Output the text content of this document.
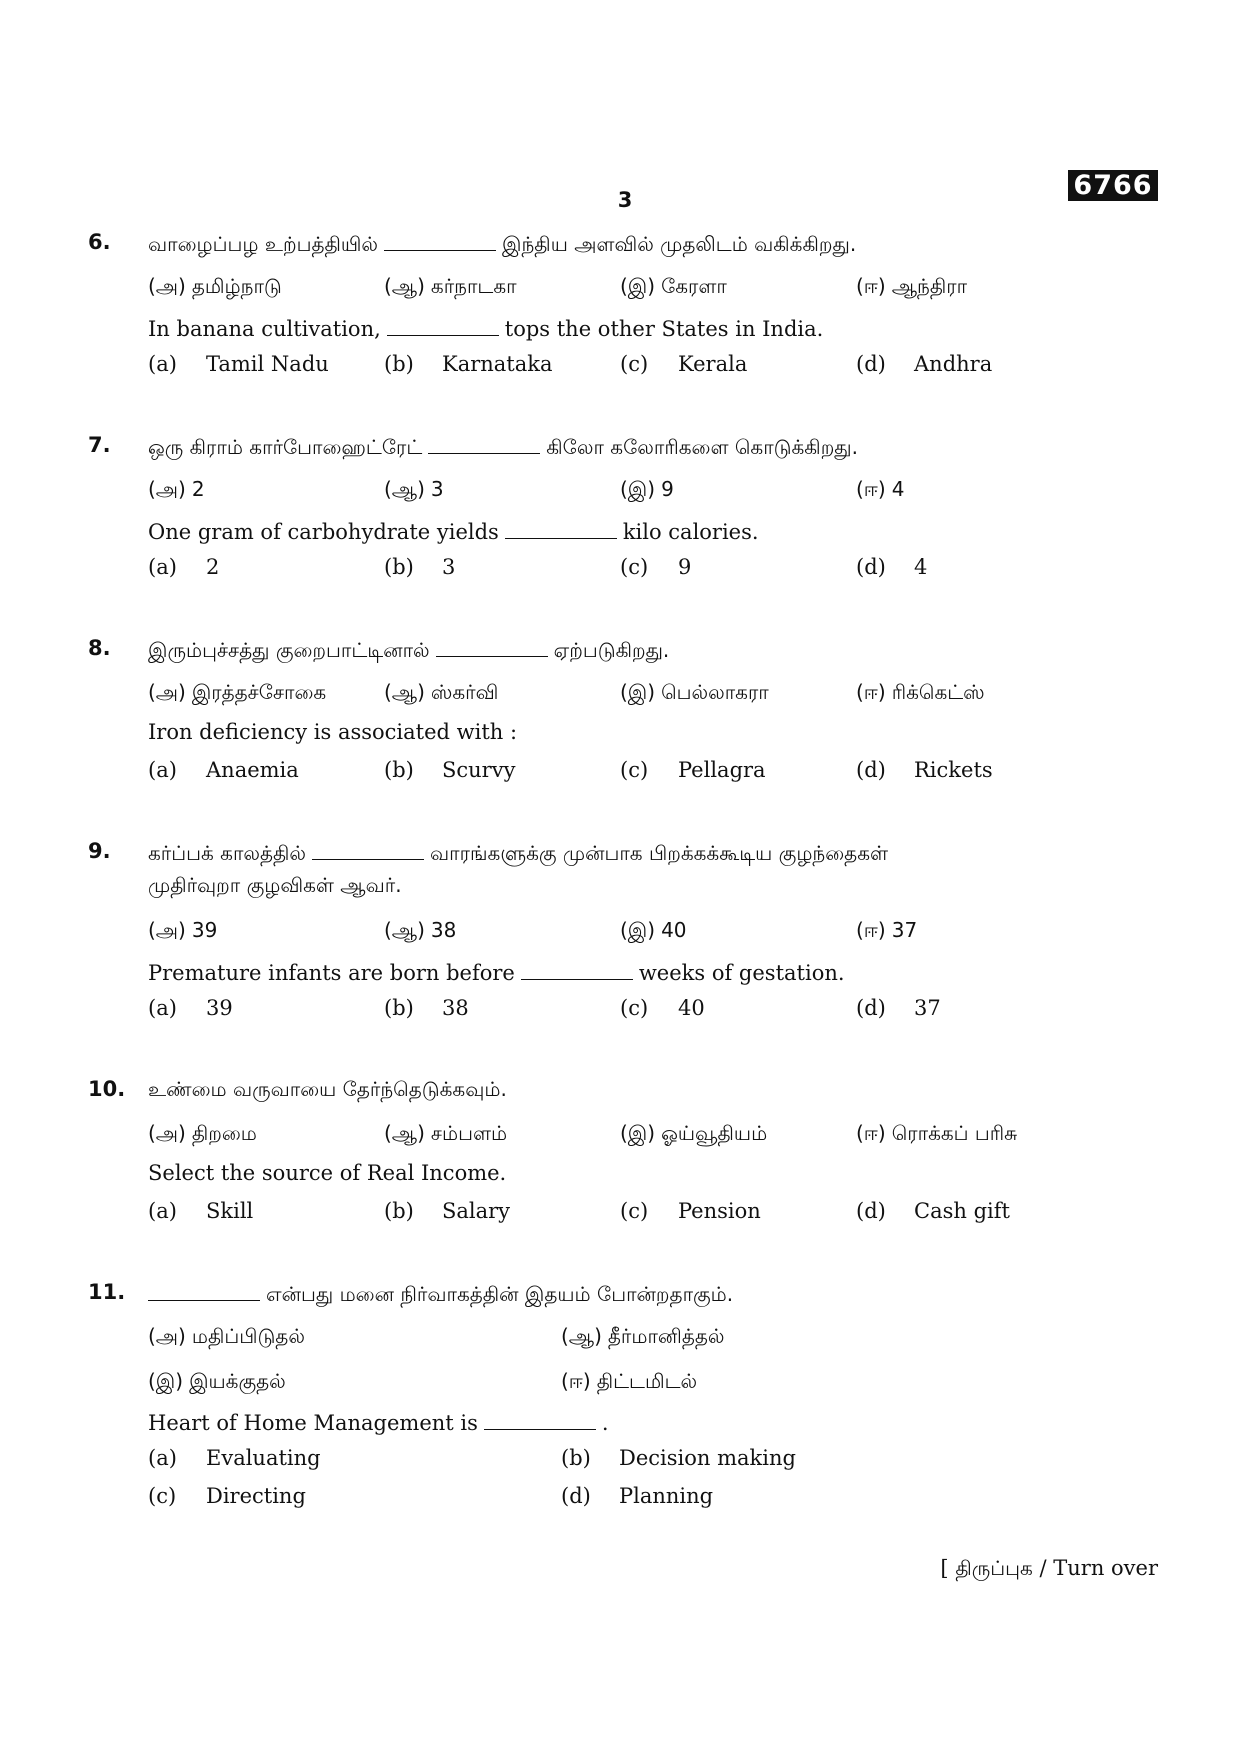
6766
3
6. வாழைப்பழ உற்பத்தியில்	இந்திய அளவில் முதலிடம் வகிக்கிறது.
(அ) தமிழ்நாடு	(ஆ) கர்நாடகா	(இ) கேரளா	(ஈ) ஆந்திரா
In banana cultivation,	tops the other States in India.
(a) Tamil Nadu	(b) Karnataka	(c) Kerala	(d) Andhra
7. ஒரு கிராம் கார்போஹைட்ரேட்	கிலோ கலோரிகளை கொடுக்கிறது.
(அ) 2	(ஆ) 3	(இ) 9	(ஈ) 4
One gram of carbohydrate yields	kilo calories.
(a) 2	(b) 3	(c) 9	(d) 4
8. இரும்புச்சத்து குறைபாட்டினால்	ஏற்படுகிறது.
(அ) இரத்தச்சோகை	(ஆ) ஸ்கர்வி	(இ) பெல்லாகரா	(ஈ) ரிக்கெட்ஸ்
Iron deficiency is associated with :
(a) Anaemia	(b) Scurvy	(c) Pellagra	(d) Rickets
9. கர்ப்பக் காலத்தில்	வாரங்களுக்கு முன்பாக பிறக்கக்கூடிய குழந்தைகள்
முதிர்வுறா குழவிகள் ஆவர்.
(அ) 39	(ஆ) 38	(இ) 40	(ஈ) 37
Premature infants are born before	weeks of gestation.
(a) 39	(b) 38	(c) 40	(d) 37
10. உண்மை வருவாயை தேர்ந்தெடுக்கவும்.
(அ) திறமை	(ஆ) சம்பளம்	(இ) ஓய்வூதியம்	(ஈ) ரொக்கப் பரிசு
Select the source of Real Income.
(a) Skill	(b) Salary	(c) Pension	(d) Cash gift
11.	என்பது மனை நிர்வாகத்தின் இதயம் போன்றதாகும்.
(அ) மதிப்பிடுதல்	(ஆ) தீர்மானித்தல்
(இ) இயக்குதல்	(ஈ) திட்டமிடல்
Heart of Home Management is	.
(a) Evaluating	(b) Decision making
(c) Directing	(d) Planning
[ திருப்புக / Turn over
